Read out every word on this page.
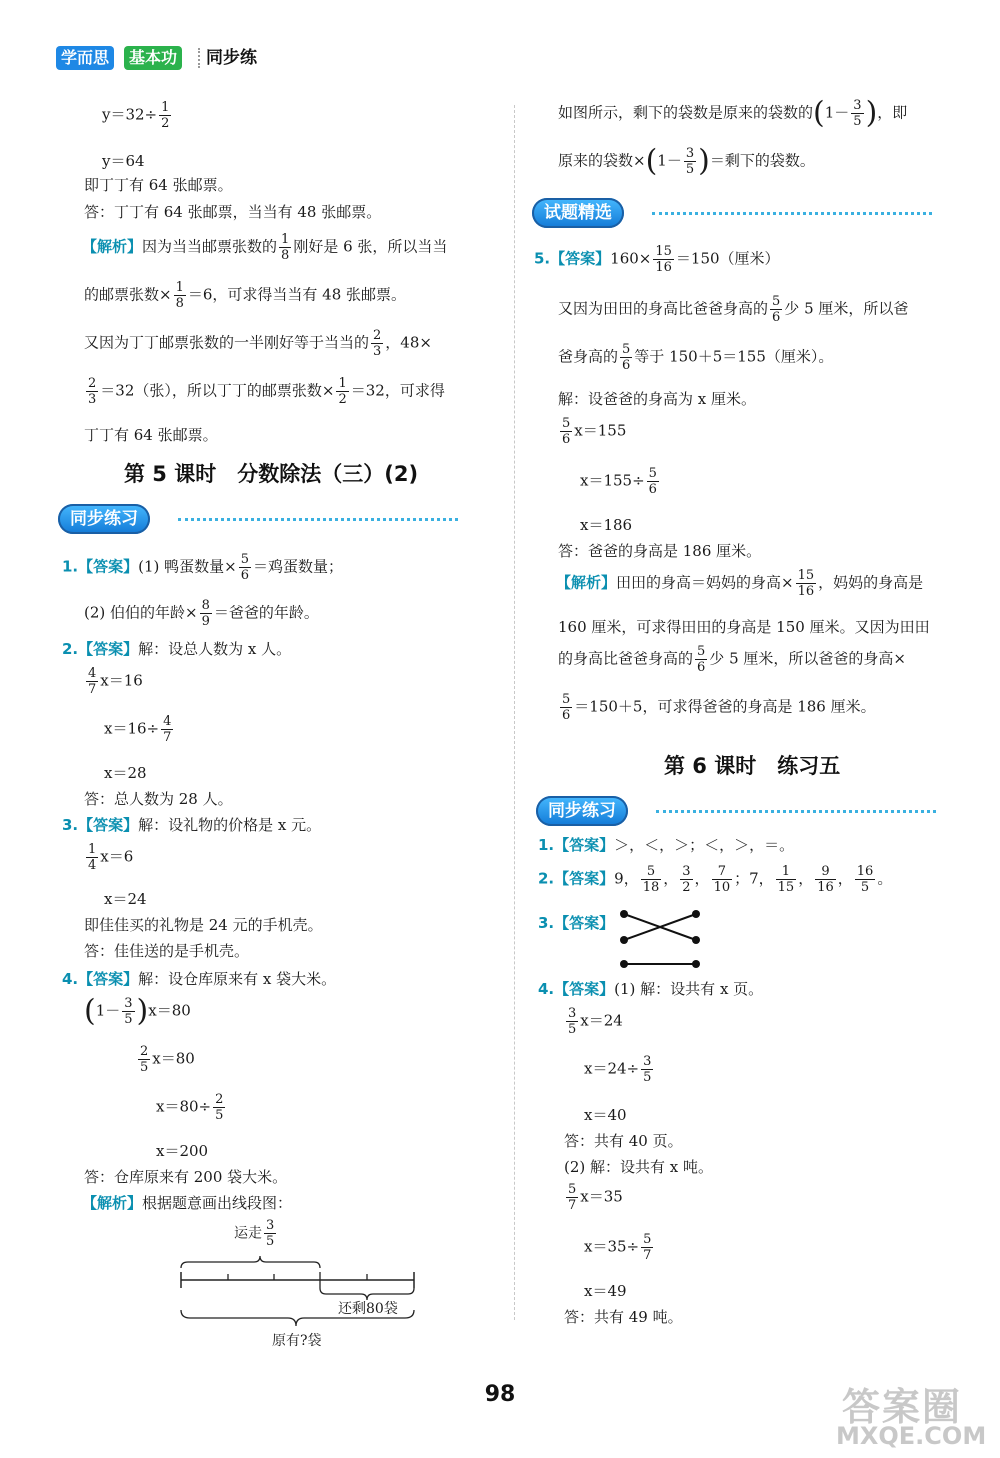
学而思	基本功 同步练
$y=32\div \frac{1}{2}$
y＝64
即丁丁有 64 张邮票。
答：丁丁有 64 张邮票，当当有 48 张邮票。
【解析】因为当当邮票张数的 $\frac{1}{8}$ 刚好是 6 张，所以当当
的邮票张数× $\frac{1}{8} =6$，可求得当当有 48 张邮票。
又因为丁丁邮票张数的一半刚好等于当当的 $\frac{2}{3}$ ，48×
$\frac{2}{3} =32$（张），所以丁丁的邮票张数× $\frac{1}{2} =32$，可求得
丁丁有 64 张邮票。
第 5 课时　分数除法（三）(2)
同步练习
1.【答案】(1) 鸭蛋数量× $\frac{5}{6}$ ＝鸡蛋数量；
(2) 伯伯的年龄× $\frac{8}{9}$ ＝爸爸的年龄。
2.【答案】解：设总人数为 x 人。
$\frac{4}{7} x=16$
$x=16\div \frac{4}{7}$
x＝28
答：总人数为 28 人。
3.【答案】解：设礼物的价格是 x 元。
$\frac{1}{4} x=6$
x＝24
即佳佳买的礼物是 24 元的手机壳。
答：佳佳送的是手机壳。
4.【答案】解：设仓库原来有 x 袋大米。
$(1- \frac{3}{5} )x=80$
$\frac{2}{5} x=80$
$x=80\div \frac{2}{5}$
x＝200
答：仓库原来有 200 袋大米。
【解析】根据题意画出线段图：
运走 $\frac{3}{5}$
还剩80袋
原有?袋
如图所示，剩下的袋数是原来的袋数的($1- \frac{3}{5}$ )，即
原来的袋数$\times(1- \frac{3}{5}$ )＝剩下的袋数。
试题精选
5.【答案】$160\times \frac{15}{16} =150$（厘米）
又因为田田的身高比爸爸身高的 $\frac{5}{6}$ 少 5 厘米，所以爸
爸身高的 $\frac{5}{6}$ 等于 150＋5＝155（厘米）。
解：设爸爸的身高为 x 厘米。
$\frac{5}{6} x=155$
$x=155\div \frac{5}{6}$
x＝186
答：爸爸的身高是 186 厘米。
【解析】田田的身高＝妈妈的身高× $\frac{15}{16}$ ，妈妈的身高是
160 厘米，可求得田田的身高是 150 厘米。又因为田田
的身高比爸爸身高的 $\frac{5}{6}$ 少 5 厘米，所以爸爸的身高×
$\frac{5}{6} =150+5$，可求得爸爸的身高是 186 厘米。
第 6 课时　练习五
同步练习
1.【答案】＞，＜，＞；＜，＞，＝。
2.【答案】9， $\frac{5}{18}$ ， $\frac{3}{2}$ ， $\frac{7}{10}$ ；7， $\frac{1}{15}$ ， $\frac{9}{16}$ ， $\frac{16}{5}$ 。
3.【答案】
4.【答案】(1) 解：设共有 x 页。
$\frac{3}{5} x=24$
$x=24\div \frac{3}{5}$
x＝40
答：共有 40 页。
(2) 解：设共有 x 吨。
$\frac{5}{7} x=35$
$x=35\div \frac{5}{7}$
x＝49
答：共有 49 吨。
98	答案圈
MXQE.COM
